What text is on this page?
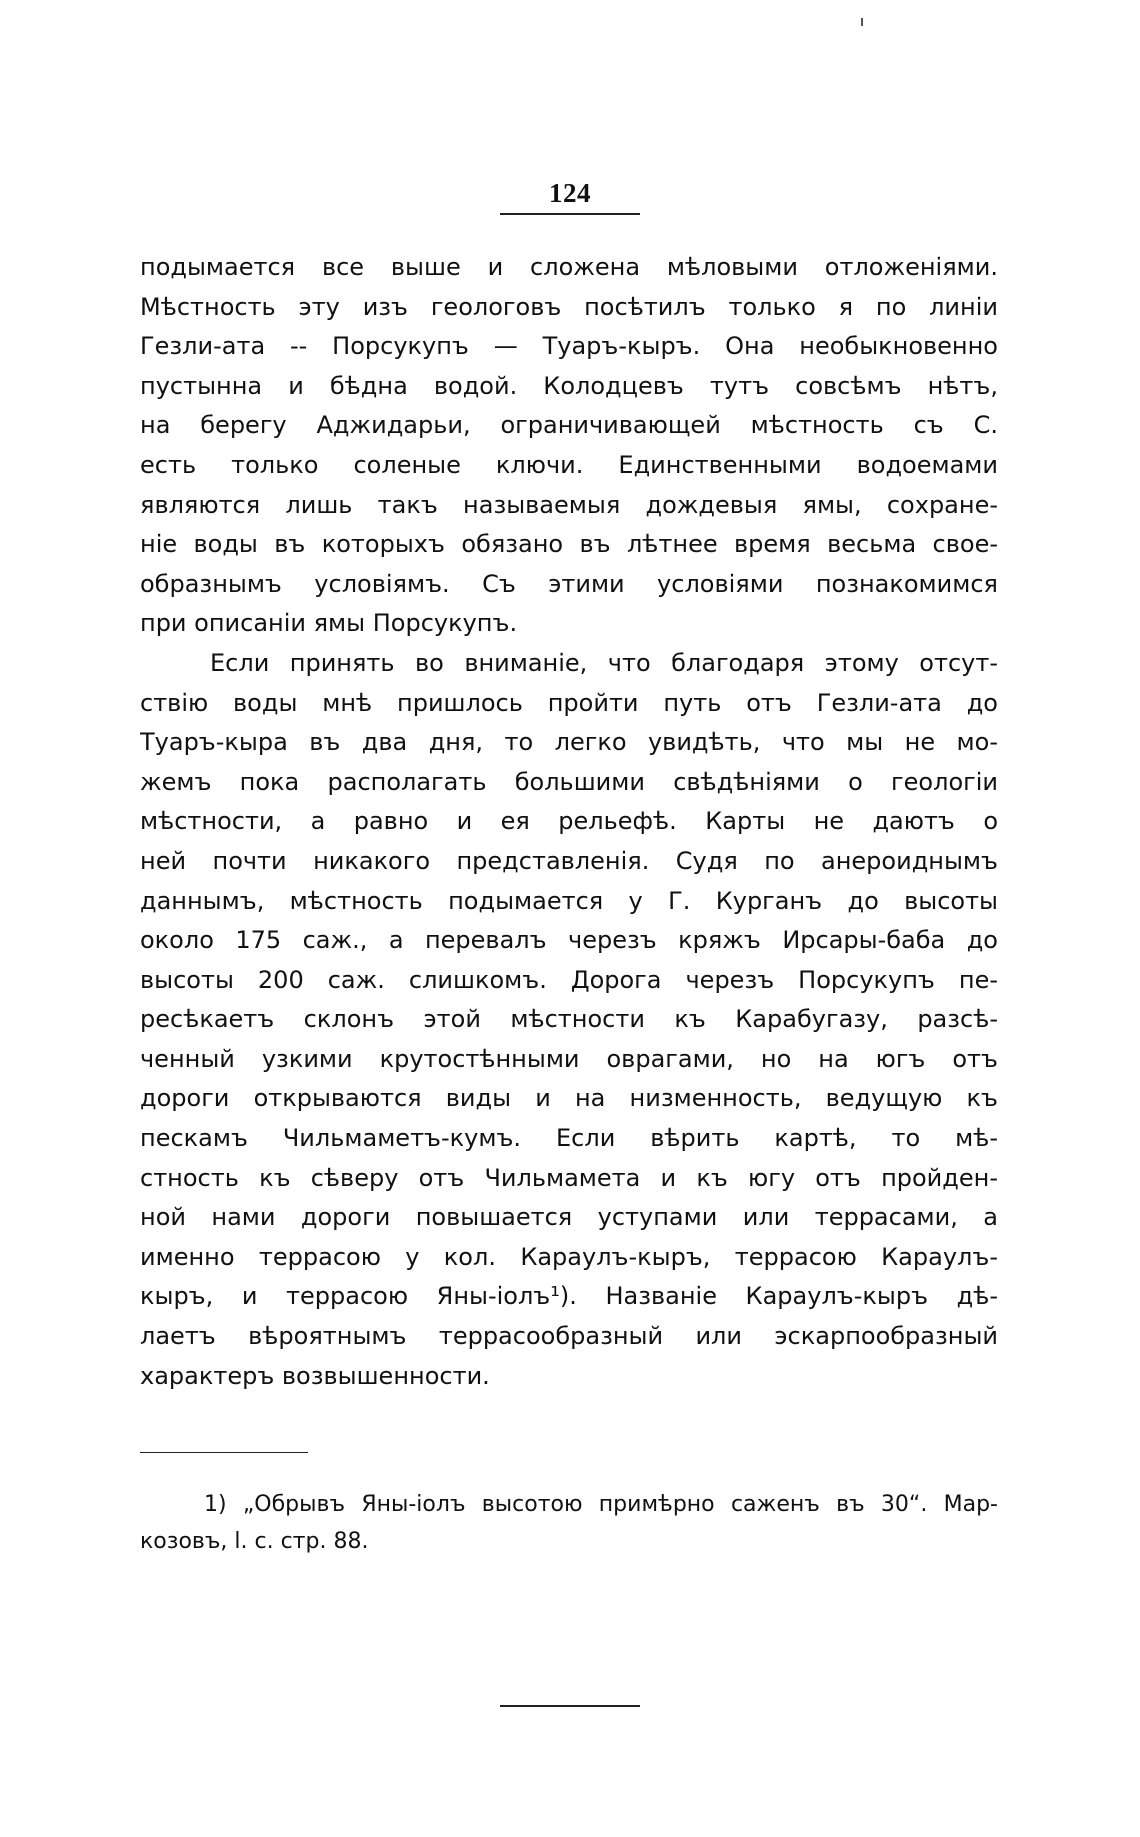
124
подымается все выше и сложена мѣловыми отложеніями.
Мѣстность эту изъ геологовъ посѣтилъ только я по линіи
Гезли-ата -- Порсукупъ — Туаръ-кыръ. Она необыкновенно
пустынна и бѣдна водой. Колодцевъ тутъ совсѣмъ нѣтъ,
на берегу Аджидарьи, ограничивающей мѣстность съ С.
есть только соленые ключи. Единственными водоемами
являются лишь такъ называемыя дождевыя ямы, сохране-
ніе воды въ которыхъ обязано въ лѣтнее время весьма свое-
образнымъ условіямъ. Съ этими условіями познакомимся
при описаніи ямы Порсукупъ.
Если принять во вниманіе, что благодаря этому отсут-
ствію воды мнѣ пришлось пройти путь отъ Гезли-ата до
Туаръ-кыра въ два дня, то легко увидѣть, что мы не мо-
жемъ пока располагать большими свѣдѣніями о геологіи
мѣстности, а равно и ея рельефѣ. Карты не даютъ о
ней почти никакого представленія. Судя по анероиднымъ
даннымъ, мѣстность подымается у Г. Курганъ до высоты
около 175 саж., а перевалъ черезъ кряжъ Ирсары-баба до
высоты 200 саж. слишкомъ. Дорога черезъ Порсукупъ пе-
ресѣкаетъ склонъ этой мѣстности къ Карабугазу, разсѣ-
ченный узкими крутостѣнными оврагами, но на югъ отъ
дороги открываются виды и на низменность, ведущую къ
пескамъ Чильмаметъ-кумъ. Если вѣрить картѣ, то мѣ-
стность къ сѣверу отъ Чильмамета и къ югу отъ пройден-
ной нами дороги повышается уступами или террасами, а
именно террасою у кол. Караулъ-кыръ, террасою Караулъ-
кыръ, и террасою Яны-іолъ¹). Названіе Караулъ-кыръ дѣ-
лаетъ вѣроятнымъ террасообразный или эскарпообразный
характеръ возвышенности.
1) „Обрывъ Яны-іолъ высотою примѣрно саженъ въ 30“. Мар-
козовъ, l. c. стр. 88.
